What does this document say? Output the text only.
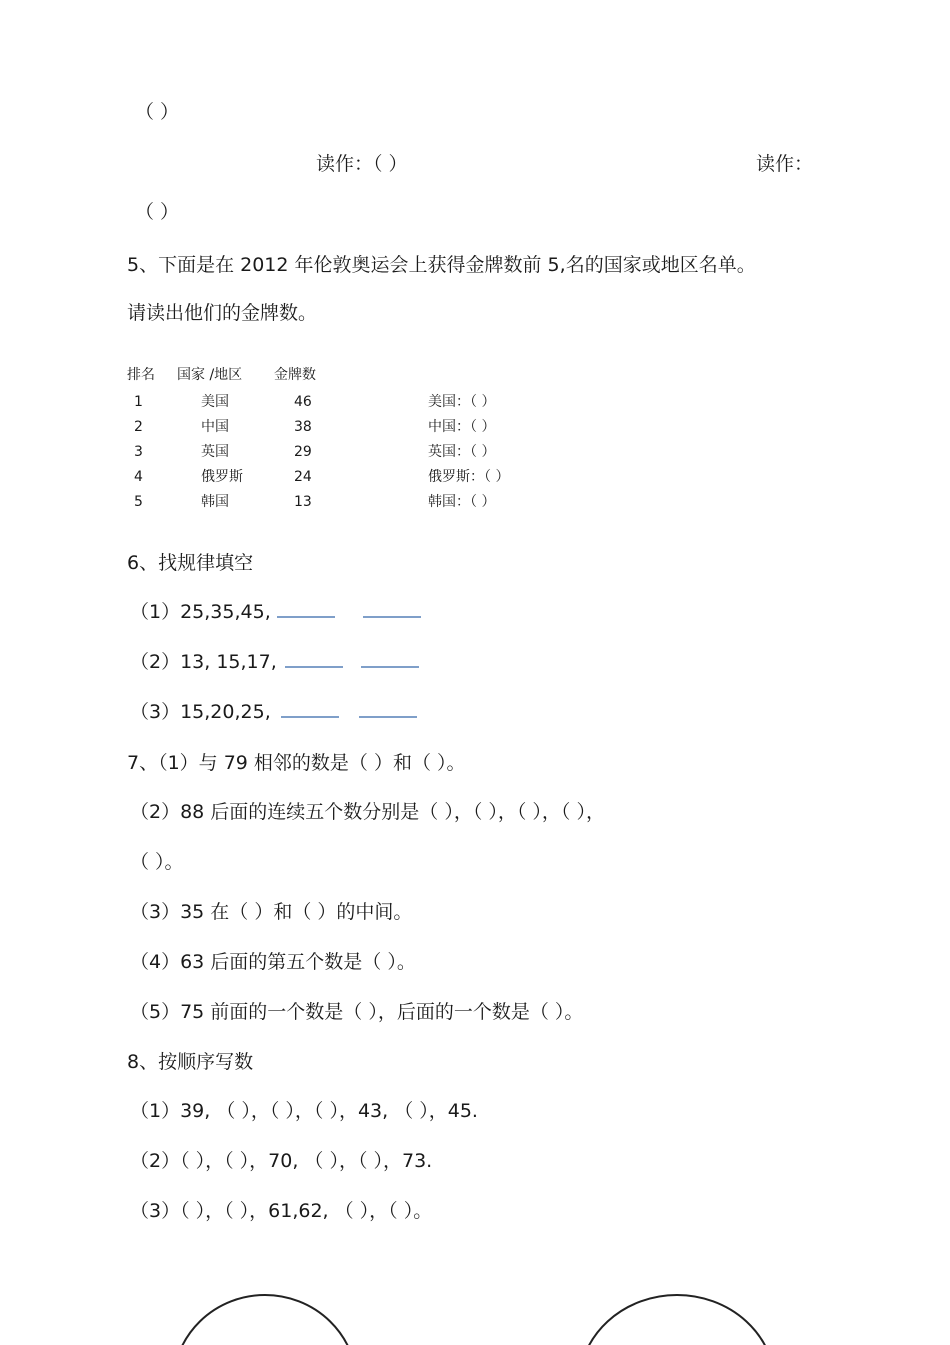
（ ）
读作：（ ）	读作：
（ ）
5、下面是在 2012 年伦敦奥运会上获得金牌数前 5,名的国家或地区名单。
请读出他们的金牌数。
排名 国家 /地区 金牌数
1	美国	46	美国：（ ）
2	中国	38	中国：（ ）
3	英国	29	英国：（ ）
4	俄罗斯	24	俄罗斯：（ ）
5	韩国	13	韩国：（ ）
6、找规律填空
（1）25,35,45,
（2）13, 15,17,
（3）15,20,25,
7、（1）与 79 相邻的数是（ ）和（ ）。
（2）88 后面的连续五个数分别是（ ），（ ），（ ），（ ），
（ ）。
（3）35 在（ ）和（ ）的中间。
（4）63 后面的第五个数是（ ）。
（5）75 前面的一个数是（ ），后面的一个数是（ ）。
8、按顺序写数
（1）39, （ ），（ ），（ ），43, （ ），45.
（2）（ ），（ ），70, （ ），（ ），73.
（3）（ ），（ ），61,62, （ ），（ ）。
